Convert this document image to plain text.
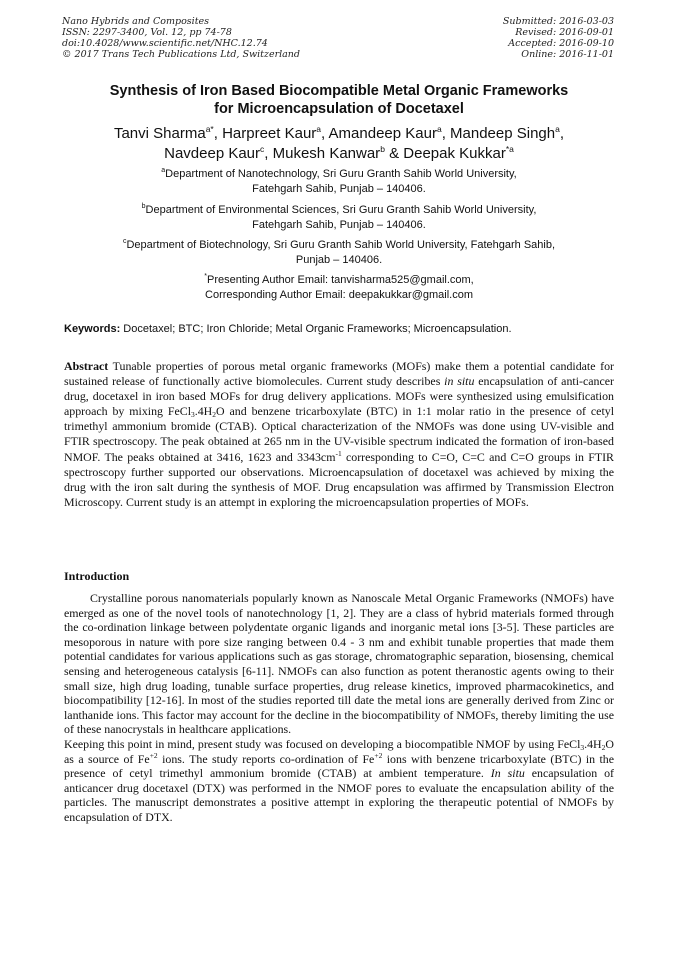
Nano Hybrids and Composites
ISSN: 2297-3400, Vol. 12, pp 74-78
doi:10.4028/www.scientific.net/NHC.12.74
© 2017 Trans Tech Publications Ltd, Switzerland
Submitted: 2016-03-03
Revised: 2016-09-01
Accepted: 2016-09-10
Online: 2016-11-01
Synthesis of Iron Based Biocompatible Metal Organic Frameworks
for Microencapsulation of Docetaxel
Tanvi Sharma$^{a*}$, Harpreet Kaur$^a$, Amandeep Kaur$^a$, Mandeep Singh$^a$,
Navdeep Kaur$^c$, Mukesh Kanwar$^b$ & Deepak Kukkar$^{*a}$
$^a$Department of Nanotechnology, Sri Guru Granth Sahib World University,
Fatehgarh Sahib, Punjab – 140406.
$^b$Department of Environmental Sciences, Sri Guru Granth Sahib World University,
Fatehgarh Sahib, Punjab – 140406.
$^c$Department of Biotechnology, Sri Guru Granth Sahib World University, Fatehgarh Sahib,
Punjab – 140406.
*Presenting Author Email: tanvisharma525@gmail.com,
Corresponding Author Email: deepakukkar@gmail.com
Keywords: Docetaxel; BTC; Iron Chloride; Metal Organic Frameworks; Microencapsulation.
Abstract Tunable properties of porous metal organic frameworks (MOFs) make them a potential candidate for sustained release of functionally active biomolecules. Current study describes in situ encapsulation of anti-cancer drug, docetaxel in iron based MOFs for drug delivery applications. MOFs were synthesized using emulsification approach by mixing $FeCl_3.4H_2O$ and benzene tricarboxylate (BTC) in 1:1 molar ratio in the presence of cetyl trimethyl ammonium bromide (CTAB). Optical characterization of the NMOFs was done using UV-visible and FTIR spectroscopy. The peak obtained at 265 nm in the UV-visible spectrum indicated the formation of iron-based NMOF. The peaks obtained at 3416, 1623 and $3343cm^{-1}$ corresponding to C=O, C=C and C=O groups in FTIR spectroscopy further supported our observations. Microencapsulation of docetaxel was achieved by mixing the drug with the iron salt during the synthesis of MOF. Drug encapsulation was affirmed by Transmission Electron Microscopy. Current study is an attempt in exploring the microencapsulation properties of MOFs.
Introduction

Crystalline porous nanomaterials popularly known as Nanoscale Metal Organic Frameworks (NMOFs) have emerged as one of the novel tools of nanotechnology [1, 2]. They are a class of hybrid materials formed through the co-ordination linkage between polydentate organic ligands and inorganic metal ions [3-5]. These particles are mesoporous in nature with pore size ranging between 0.4 - 3 nm and exhibit tunable properties that made them potential candidates for various applications such as gas storage, chromatographic separation, biosensing, chemical sensing and heterogeneous catalysis [6-11]. NMOFs can also function as potent theranostic agents owing to their small size, high drug loading, tunable surface properties, drug release kinetics, improved pharmacokinetics, and biocompatibility [12-16]. In most of the studies reported till date the metal ions are generally derived from Zinc or lanthanide ions. This factor may account for the decline in the biocompatibility of NMOFs, thereby limiting the use of these nanocrystals in healthcare applications.

Keeping this point in mind, present study was focused on developing a biocompatible NMOF by using $FeCl_3.4H_2O$ as a source of $Fe^{+2}$ ions. The study reports co-ordination of $Fe^{+2}$ ions with benzene tricarboxylate (BTC) in the presence of cetyl trimethyl ammonium bromide (CTAB) at ambient temperature. In situ encapsulation of anticancer drug docetaxel (DTX) was performed in the NMOF pores to evaluate the encapsulation ability of the particles. The manuscript demonstrates a positive attempt in exploring the therapeutic potential of NMOFs by encapsulation of DTX.
